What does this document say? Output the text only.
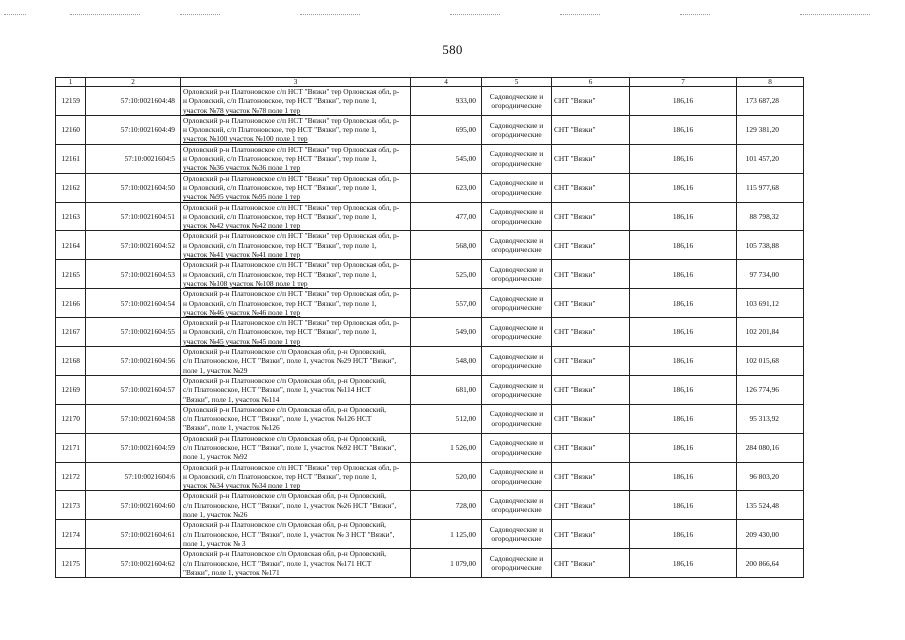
580
1	2	3	4	5	6	7	8
12159	57:10:0021604:48	Орловский р-н Платоновское с/п НСТ "Вязки" тер Орловская обл, р-
н Орловский, с/п Платоновское, тер НСТ "Вязки", тер поле 1,
участок №78 участок №78 поле 1 тер	933,00	Садоводческие и
огороднические	СНТ "Вязки"	186,16	173 687,28
12160	57:10:0021604:49	Орловский р-н Платоновское с/п НСТ "Вязки" тер Орловская обл, р-
н Орловский, с/п Платоновское, тер НСТ "Вязки", тер поле 1,
участок №100 участок №100 поле 1 тер	695,00	Садоводческие и
огороднические	СНТ "Вязки"	186,16	129 381,20
12161	57:10:0021604:5	Орловский р-н Платоновское с/п НСТ "Вязки" тер Орловская обл, р-
н Орловский, с/п Платоновское, тер НСТ "Вязки", тер поле 1,
участок №36 участок №36 поле 1 тер	545,00	Садоводческие и
огороднические	СНТ "Вязки"	186,16	101 457,20
12162	57:10:0021604:50	Орловский р-н Платоновское с/п НСТ "Вязки" тер Орловская обл, р-
н Орловский, с/п Платоновское, тер НСТ "Вязки", тер поле 1,
участок №95 участок №95 поле 1 тер	623,00	Садоводческие и
огороднические	СНТ "Вязки"	186,16	115 977,68
12163	57:10:0021604:51	Орловский р-н Платоновское с/п НСТ "Вязки" тер Орловская обл, р-
н Орловский, с/п Платоновское, тер НСТ "Вязки", тер поле 1,
участок №42 участок №42 поле 1 тер	477,00	Садоводческие и
огороднические	СНТ "Вязки"	186,16	88 798,32
12164	57:10:0021604:52	Орловский р-н Платоновское с/п НСТ "Вязки" тер Орловская обл, р-
н Орловский, с/п Платоновское, тер НСТ "Вязки", тер поле 1,
участок №41 участок №41 поле 1 тер	568,00	Садоводческие и
огороднические	СНТ "Вязки"	186,16	105 738,88
12165	57:10:0021604:53	Орловский р-н Платоновское с/п НСТ "Вязки" тер Орловская обл, р-
н Орловский, с/п Платоновское, тер НСТ "Вязки", тер поле 1,
участок №108 участок №108 поле 1 тер	525,00	Садоводческие и
огороднические	СНТ "Вязки"	186,16	97 734,00
12166	57:10:0021604:54	Орловский р-н Платоновское с/п НСТ "Вязки" тер Орловская обл, р-
н Орловский, с/п Платоновское, тер НСТ "Вязки", тер поле 1,
участок №46 участок №46 поле 1 тер	557,00	Садоводческие и
огороднические	СНТ "Вязки"	186,16	103 691,12
12167	57:10:0021604:55	Орловский р-н Платоновское с/п НСТ "Вязки" тер Орловская обл, р-
н Орловский, с/п Платоновское, тер НСТ "Вязки", тер поле 1,
участок №45 участок №45 поле 1 тер	549,00	Садоводческие и
огороднические	СНТ "Вязки"	186,16	102 201,84
12168	57:10:0021604:56	Орловский р-н Платоновское с/п Орловская обл, р-н Орловский,
с/п Платоновское, НСТ "Вязки", поле 1, участок №29 НСТ "Вязки",
поле 1, участок №29	548,00	Садоводческие и
огороднические	СНТ "Вязки"	186,16	102 015,68
12169	57:10:0021604:57	Орловский р-н Платоновское с/п Орловская обл, р-н Орловский,
с/п Платоновское, НСТ "Вязки", поле 1, участок №114 НСТ
"Вязки", поле 1, участок №114	681,00	Садоводческие и
огороднические	СНТ "Вязки"	186,16	126 774,96
12170	57:10:0021604:58	Орловский р-н Платоновское с/п Орловская обл, р-н Орловский,
с/п Платоновское, НСТ "Вязки", поле 1, участок №126 НСТ
"Вязки", поле 1, участок №126	512,00	Садоводческие и
огороднические	СНТ "Вязки"	186,16	95 313,92
12171	57:10:0021604:59	Орловский р-н Платоновское с/п Орловская обл, р-н Орловский,
с/п Платоновское, НСТ "Вязки", поле 1, участок №92 НСТ "Вязки",
поле 1, участок №92	1 526,00	Садоводческие и
огороднические	СНТ "Вязки"	186,16	284 080,16
12172	57:10:0021604:6	Орловский р-н Платоновское с/п НСТ "Вязки" тер Орловская обл, р-
н Орловский, с/п Платоновское, тер НСТ "Вязки", тер поле 1,
участок №34 участок №34 поле 1 тер	520,00	Садоводческие и
огороднические	СНТ "Вязки"	186,16	96 803,20
12173	57:10:0021604:60	Орловский р-н Платоновское с/п Орловская обл, р-н Орловский,
с/п Платоновское, НСТ "Вязки", поле 1, участок №26 НСТ "Вязки",
поле 1, участок №26	728,00	Садоводческие и
огороднические	СНТ "Вязки"	186,16	135 524,48
12174	57:10:0021604:61	Орловский р-н Платоновское с/п Орловская обл, р-н Орловский,
с/п Платоновское, НСТ "Вязки", поле 1, участок № 3 НСТ "Вязки",
поле 1, участок № 3	1 125,00	Садоводческие и
огороднические	СНТ "Вязки"	186,16	209 430,00
12175	57:10:0021604:62	Орловский р-н Платоновское с/п Орловская обл, р-н Орловский,
с/п Платоновское, НСТ "Вязки", поле 1, участок №171 НСТ
"Вязки", поле 1, участок №171	1 079,00	Садоводческие и
огороднические	СНТ "Вязки"	186,16	200 866,64
